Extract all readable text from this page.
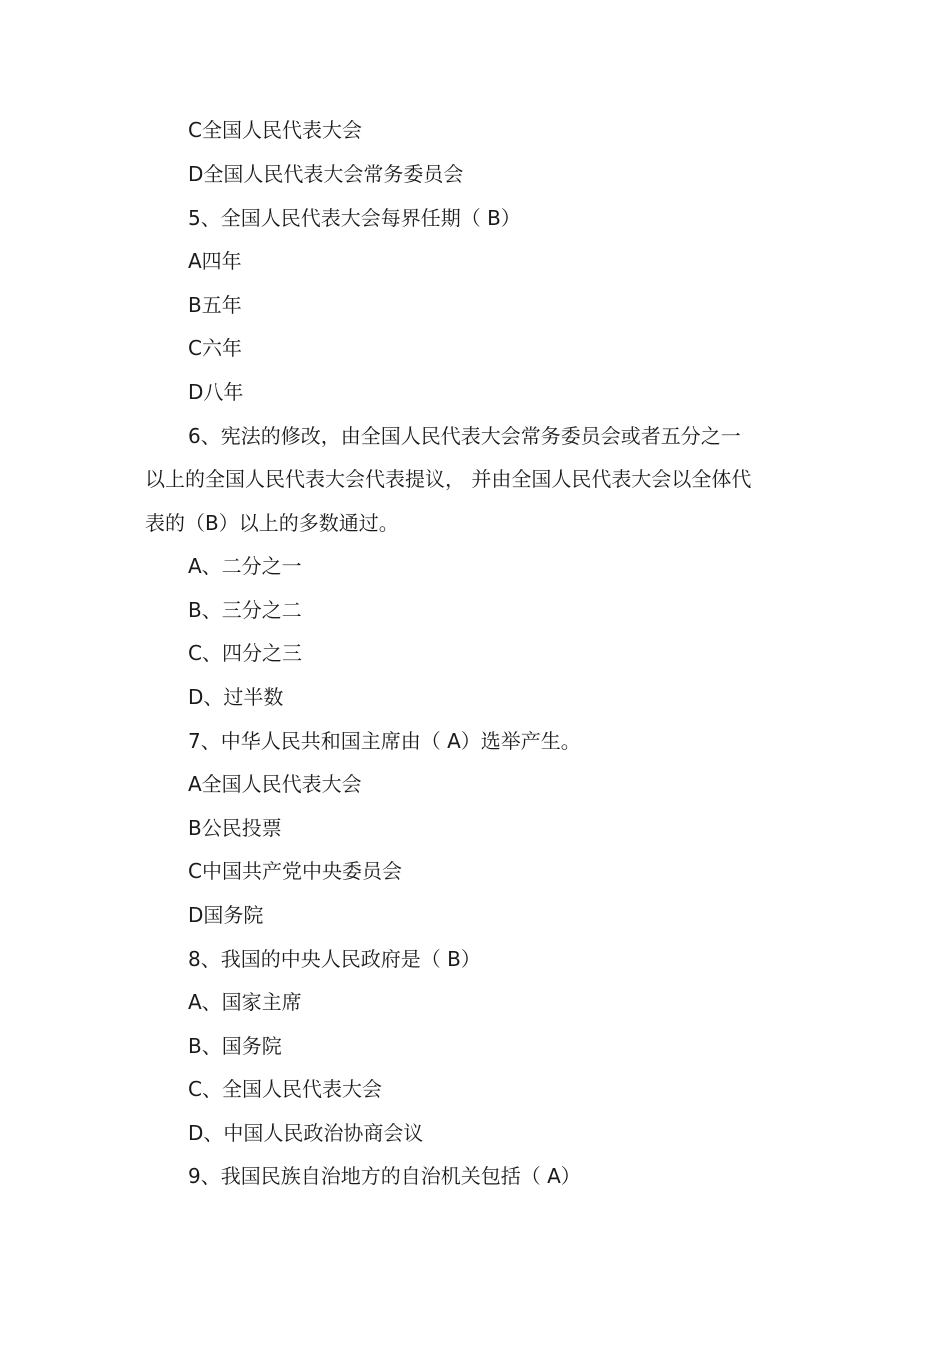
C全国人民代表大会
D全国人民代表大会常务委员会
5、全国人民代表大会每界任期（ B）
A四年
B五年
C六年
D八年
6、宪法的修改，由全国人民代表大会常务委员会或者五分之一
以上的全国人民代表大会代表提议， 并由全国人民代表大会以全体代
表的（B）以上的多数通过。
A、二分之一
B、三分之二
C、四分之三
D、过半数
7、中华人民共和国主席由（ A）选举产生。
A全国人民代表大会
B公民投票
C中国共产党中央委员会
D国务院
8、我国的中央人民政府是（ B）
A、国家主席
B、国务院
C、全国人民代表大会
D、中国人民政治协商会议
9、我国民族自治地方的自治机关包括（ A）
